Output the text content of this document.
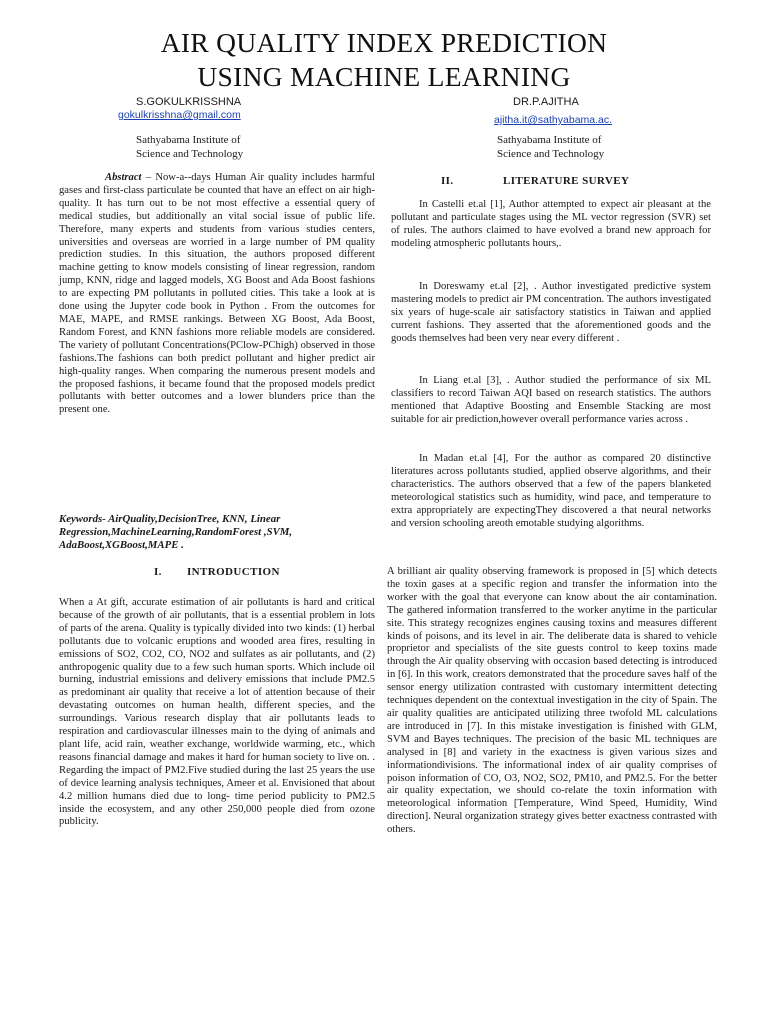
AIR QUALITY INDEX PREDICTION
USING MACHINE LEARNING
S.GOKULKRISSHNA
gokulkrisshna@gmail.com
Sathyabama Institute of
Science and Technology
DR.P.AJITHA
ajitha.it@sathyabama.ac.
Sathyabama Institute of
Science and Technology

Abstract – Now-a--days Human Air quality includes harmful gases and first-class particulate be counted that have an effect on air high-quality. It has turn out to be not most effective a essential query of medical studies, but additionally an vital social issue of public life. Therefore, many experts and students from various studies centers, universities and overseas are worried in a large number of PM quality prediction studies. In this situation, the authors proposed different machine getting to know models consisting of linear regression, random jump, KNN, ridge and lagged models, XG Boost and Ada Boost fashions to are expecting PM pollutants in polluted cities. This take a look at is done using the Jupyter code book in Python . From the outcomes for MAE, MAPE, and RMSE rankings. Between XG Boost, Ada Boost, Random Forest, and KNN fashions more reliable models are considered. The variety of pollutant Concentrations(PClow-PChigh) observed in those fashions.The fashions can both predict pollutant and higher predict air high-quality ranges. When comparing the numerous present models and the proposed fashions, it became found that the proposed models predict pollutants with better outcomes and a lower blunders price than the present one.

Keywords- AirQuality,DecisionTree, KNN, Linear Regression,MachineLearning,RandomForest ,SVM, AdaBoost,XGBoost,MAPE .

I. INTRODUCTION

When a At gift, accurate estimation of air pollutants is hard and critical because of the growth of air pollutants, that is a essential problem in lots of parts of the arena. Quality is typically divided into two kinds: (1) herbal pollutants due to volcanic eruptions and wooded area fires, resulting in emissions of SO2, CO2, CO, NO2 and sulfates as air pollutants, and (2) anthropogenic quality due to a few such human sports. Which include oil burning, industrial emissions and delivery emissions that include PM2.5 as predominant air quality that receive a lot of attention because of their devastating outcomes on human health, different species, and the surroundings. Various research display that air pollutants leads to respiration and cardiovascular illnesses main to the dying of animals and plant life, acid rain, weather exchange, worldwide warming, etc., which reasons financial damage and makes it hard for human society to live on. . Regarding the impact of PM2.Five studied during the last 25 years the use of device learning analysis techniques, Ameer et al. Envisioned that about 4.2 million humans died due to long- time period publicity to PM2.5 inside the ecosystem, and any other 250,000 people died from ozone publicity.

II.	LITERATURE SURVEY

In Castelli et.al [1], Author attempted to expect air pleasant at the pollutant and particulate stages using the ML vector regression (SVR) set of rules. The authors claimed to have evolved a brand new approach for modeling atmospheric pollutants hours,.

In Doreswamy et.al [2], . Author investigated predictive system mastering models to predict air PM concentration. The authors investigated six years of huge-scale air satisfactory statistics in Taiwan and applied current fashions. They asserted that the aforementioned goods and the goods themselves had been very near every different .

In Liang et.al [3], . Author studied the performance of six ML classifiers to record Taiwan AQI based on research statistics. The authors mentioned that Adaptive Boosting and Ensemble Stacking are most suitable for air prediction,however overall performance varies across .

In Madan et.al [4], For the author as compared 20 distinctive literatures across pollutants studied, applied observe algorithms, and their characteristics. The authors observed that a few of the papers blanketed meteorological statistics such as humidity, wind pace, and temperature to extra appropriately are expectingThey discovered a that neural networks and version schooling areoth emotable studying algorithms.

A brilliant air quality observing framework is proposed in [5] which detects the toxin gases at a specific region and transfer the information into the worker with the goal that everyone can know about the air contamination. The gathered information transferred to the worker anytime in the particular site. This strategy recognizes engines causing toxins and measures different kinds of poisons, and its level in air. The deliberate data is shared to vehicle proprietor and specialists of the site guests control to keep toxins made through the Air quality observing with occasion based detecting is introduced in [6]. In this work, creators demonstrated that the procedure saves half of the sensor energy utilization contrasted with customary intermittent detecting techniques dependent on the contextual investigation in the city of Spain. The air quality qualities are anticipated utilizing three twofold ML calculations are introduced in [7]. In this mistake investigation is finished with GLM, SVM and Bayes techniques. The precision of the basic ML techniques are analysed in [8] and variety in the exactness is given various sizes and informationdivisions. The informational index of air quality comprises of poison information of CO, O3, NO2, SO2, PM10, and PM2.5. For the better air quality expectation, we should co-relate the toxin information with meteorological information [Temperature, Wind Speed, Humidity, Wind direction]. Neural organization strategy gives better exactness contrasted with others.
